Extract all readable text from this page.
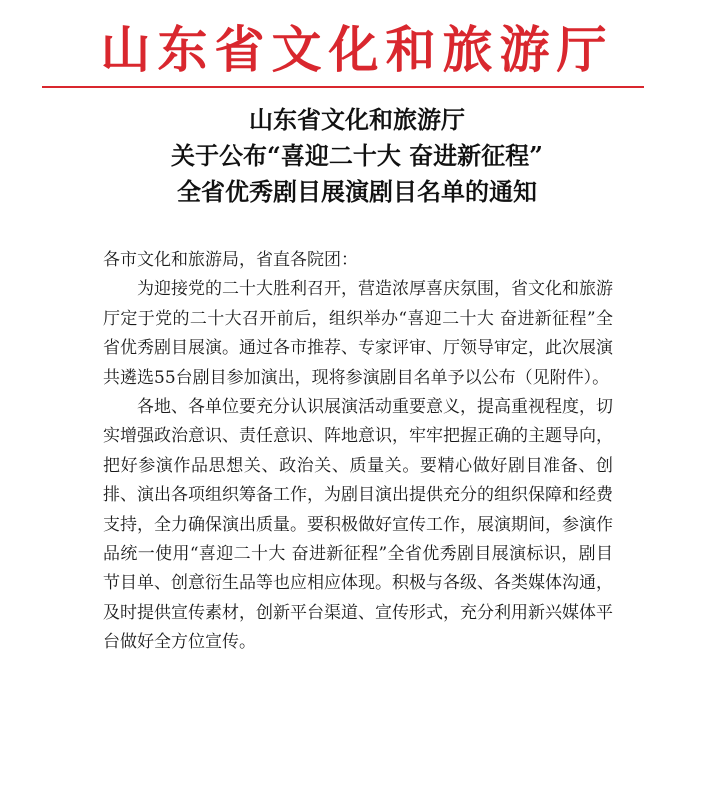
山东省文化和旅游厅
山东省文化和旅游厅
关于公布“喜迎二十大 奋进新征程”
全省优秀剧目展演剧目名单的通知

各市文化和旅游局，省直各院团：

为迎接党的二十大胜利召开，营造浓厚喜庆氛围，省文化和旅游厅定于党的二十大召开前后，组织举办“喜迎二十大 奋进新征程”全省优秀剧目展演。通过各市推荐、专家评审、厅领导审定，此次展演共遴选55台剧目参加演出，现将参演剧目名单予以公布（见附件）。

各地、各单位要充分认识展演活动重要意义，提高重视程度，切实增强政治意识、责任意识、阵地意识，牢牢把握正确的主题导向，把好参演作品思想关、政治关、质量关。要精心做好剧目准备、创排、演出各项组织筹备工作，为剧目演出提供充分的组织保障和经费支持，全力确保演出质量。要积极做好宣传工作，展演期间，参演作品统一使用“喜迎二十大 奋进新征程”全省优秀剧目展演标识，剧目节目单、创意衍生品等也应相应体现。积极与各级、各类媒体沟通，及时提供宣传素材，创新平台渠道、宣传形式，充分利用新兴媒体平台做好全方位宣传。
